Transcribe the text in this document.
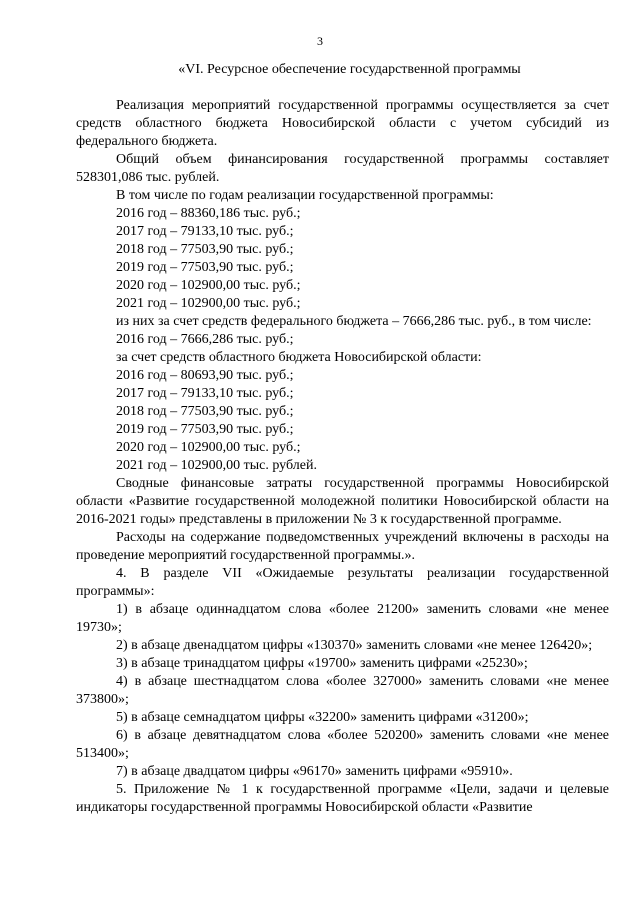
3
«VI. Ресурсное обеспечение государственной программы

Реализация мероприятий государственной программы осуществляется за счет средств областного бюджета Новосибирской области с учетом субсидий из федерального бюджета.

Общий объем финансирования государственной программы составляет 528301,086 тыс. рублей.

В том числе по годам реализации государственной программы:
2016 год – 88360,186 тыс. руб.;
2017 год – 79133,10 тыс. руб.;
2018 год – 77503,90 тыс. руб.;
2019 год – 77503,90 тыс. руб.;
2020 год – 102900,00 тыс. руб.;
2021 год – 102900,00 тыс. руб.;

из них за счет средств федерального бюджета – 7666,286 тыс. руб., в том числе:

2016 год – 7666,286 тыс. руб.;
за счет средств областного бюджета Новосибирской области:
2016 год – 80693,90 тыс. руб.;
2017 год – 79133,10 тыс. руб.;
2018 год – 77503,90 тыс. руб.;
2019 год – 77503,90 тыс. руб.;
2020 год – 102900,00 тыс. руб.;
2021 год – 102900,00 тыс. рублей.

Сводные финансовые затраты государственной программы Новосибирской области «Развитие государственной молодежной политики Новосибирской области на 2016-2021 годы» представлены в приложении № 3 к государственной программе.

Расходы на содержание подведомственных учреждений включены в расходы на проведение мероприятий государственной программы.».

4. В разделе VII «Ожидаемые результаты реализации государственной программы»:

1) в абзаце одиннадцатом слова «более 21200» заменить словами «не менее 19730»;

2) в абзаце двенадцатом цифры «130370» заменить словами «не менее 126420»;

3) в абзаце тринадцатом цифры «19700» заменить цифрами «25230»;

4) в абзаце шестнадцатом слова «более 327000» заменить словами «не менее 373800»;

5) в абзаце семнадцатом цифры «32200» заменить цифрами «31200»;

6) в абзаце девятнадцатом слова «более 520200» заменить словами «не менее 513400»;

7) в абзаце двадцатом цифры «96170» заменить цифрами «95910».

5. Приложение № 1 к государственной программе «Цели, задачи и целевые индикаторы государственной программы Новосибирской области «Развитие
